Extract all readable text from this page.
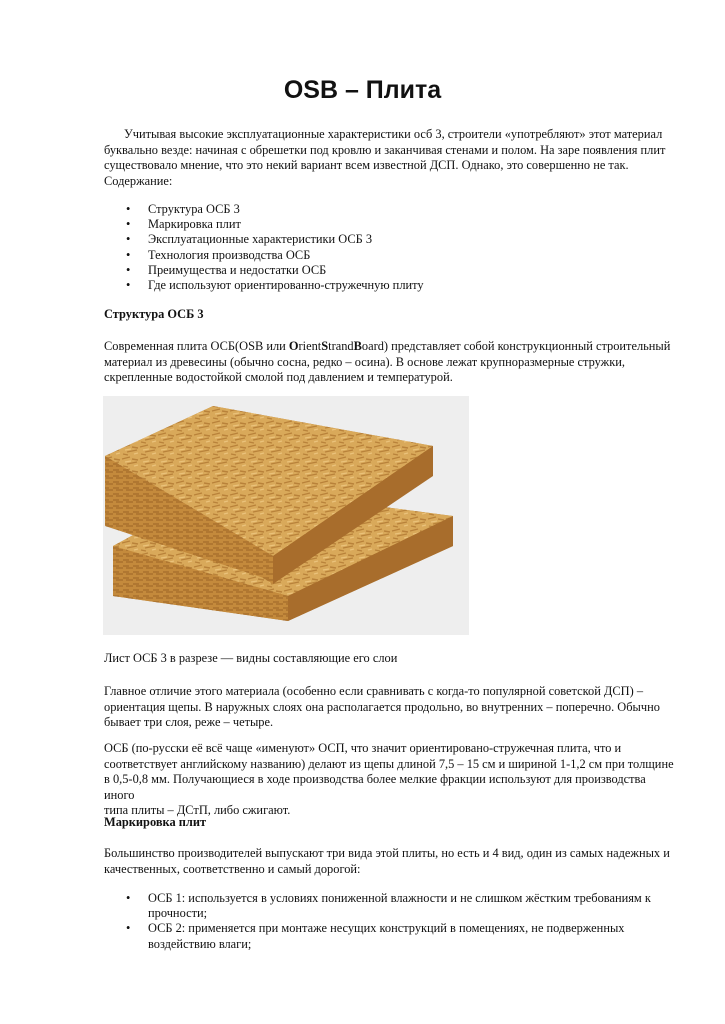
OSB – Плита

Учитывая высокие эксплуатационные характеристики осб 3, строители «употребляют» этот материал
буквально везде: начиная с обрешетки под кровлю и заканчивая стенами и полом. На заре появления плит
существовало мнение, что это некий вариант всем известной ДСП. Однако, это совершенно не так.
Содержание:

• Структура ОСБ 3
• Маркировка плит
• Эксплуатационные характеристики ОСБ 3
• Технология производства ОСБ
• Преимущества и недостатки ОСБ
• Где используют ориентированно-стружечную плиту

Структура ОСБ 3

Современная плита ОСБ(OSB или OrientStrandBoard) представляет собой конструкционный строительный
материал из древесины (обычно сосна, редко – осина). В основе лежат крупноразмерные стружки,
скрепленные водостойкой смолой под давлением и температурой.

Лист ОСБ 3 в разрезе — видны составляющие его слои

Главное отличие этого материала (особенно если сравнивать с когда-то популярной советской ДСП) –
ориентация щепы. В наружных слоях она располагается продольно, во внутренних – поперечно. Обычно
бывает три слоя, реже – четыре.

ОСБ (по-русски её всё чаще «именуют» ОСП, что значит ориентировано-стружечная плита, что и
соответствует английскому названию) делают из щепы длиной 7,5 – 15 см и шириной 1-1,2 см при толщине
в 0,5-0,8 мм. Получающиеся в ходе производства более мелкие фракции используют для производства иного
типа плиты – ДСтП, либо сжигают.

Маркировка плит

Большинство производителей выпускают три вида этой плиты, но есть и 4 вид, один из самых надежных и
качественных, соответственно и самый дорогой:

• ОСБ 1: используется в условиях пониженной влажности и не слишком жёстким требованиям к
прочности;
• ОСБ 2: применяется при монтаже несущих конструкций в помещениях, не подверженных
воздействию влаги;
